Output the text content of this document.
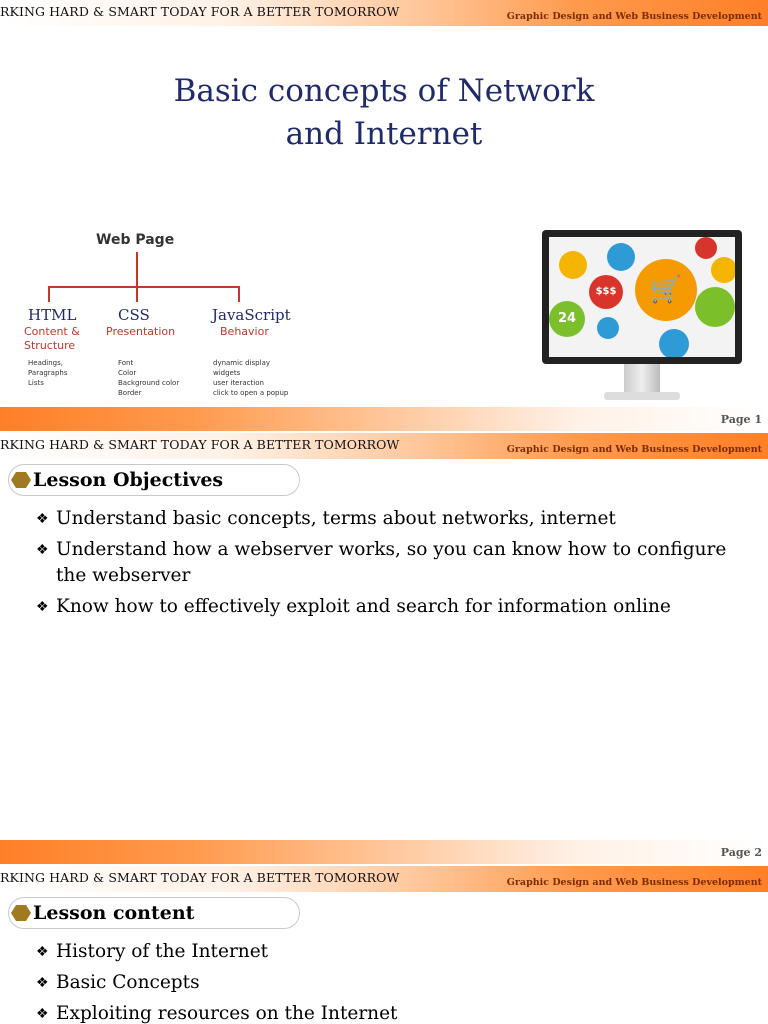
RKING HARD & SMART TODAY FOR A BETTER TOMORROW	Graphic Design and Web Business Development
Basic concepts of Network
and Internet
Web Page
HTML
Content &
Structure
Headings,
Paragraphs
Lists
CSS
Presentation
Font
Color
Background color
Border
JavaScript
Behavior
dynamic display
widgets
user iteraction
click to open a popup
$$$	🛒
24
Page 1
RKING HARD & SMART TODAY FOR A BETTER TOMORROW	Graphic Design and Web Business Development
Lesson Objectives
❖ Understand basic concepts, terms about networks, internet
❖ Understand how a webserver works, so you can know how to configure the webserver
❖ Know how to effectively exploit and search for information online
Page 2
RKING HARD & SMART TODAY FOR A BETTER TOMORROW	Graphic Design and Web Business Development
Lesson content
❖ History of the Internet
❖ Basic Concepts
❖ Exploiting resources on the Internet
